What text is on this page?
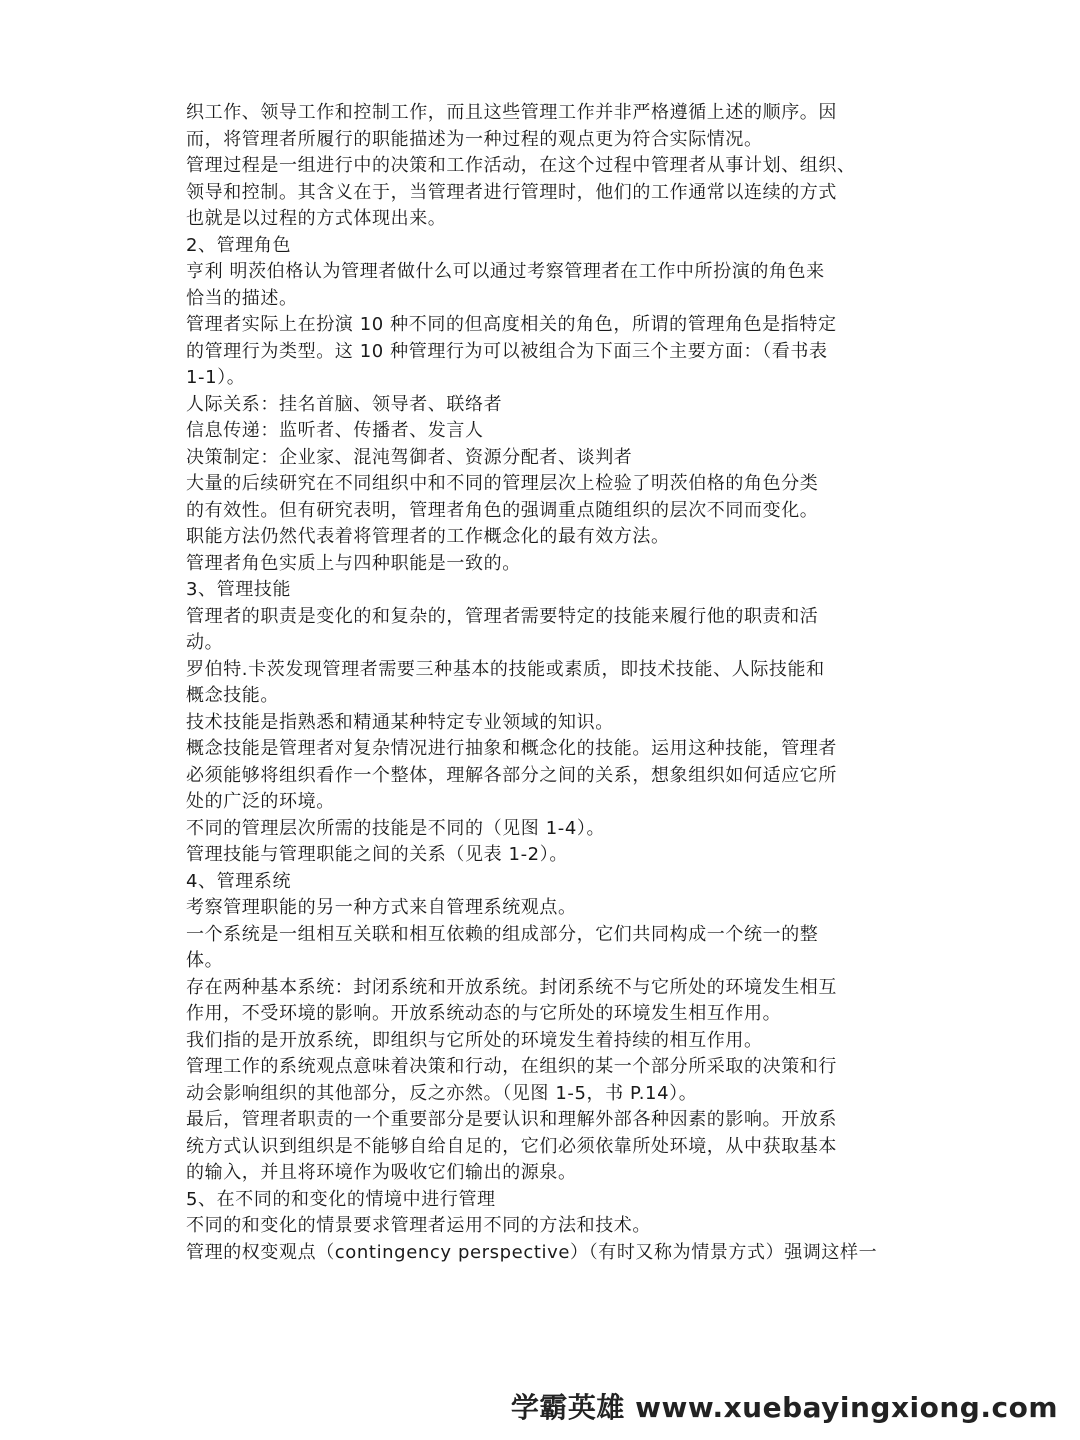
织工作、领导工作和控制工作，而且这些管理工作并非严格遵循上述的顺序。因
而，将管理者所履行的职能描述为一种过程的观点更为符合实际情况。
管理过程是一组进行中的决策和工作活动，在这个过程中管理者从事计划、组织、
领导和控制。其含义在于，当管理者进行管理时，他们的工作通常以连续的方式
也就是以过程的方式体现出来。
2、管理角色
亨利 明茨伯格认为管理者做什么可以通过考察管理者在工作中所扮演的角色来
恰当的描述。
管理者实际上在扮演 10 种不同的但高度相关的角色，所谓的管理角色是指特定
的管理行为类型。这 10 种管理行为可以被组合为下面三个主要方面：（看书表
1-1）。
人际关系：挂名首脑、领导者、联络者
信息传递：监听者、传播者、发言人
决策制定：企业家、混沌驾御者、资源分配者、谈判者
大量的后续研究在不同组织中和不同的管理层次上检验了明茨伯格的角色分类
的有效性。但有研究表明，管理者角色的强调重点随组织的层次不同而变化。
职能方法仍然代表着将管理者的工作概念化的最有效方法。
管理者角色实质上与四种职能是一致的。
3、管理技能
管理者的职责是变化的和复杂的，管理者需要特定的技能来履行他的职责和活
动。
罗伯特.卡茨发现管理者需要三种基本的技能或素质，即技术技能、人际技能和
概念技能。
技术技能是指熟悉和精通某种特定专业领域的知识。
概念技能是管理者对复杂情况进行抽象和概念化的技能。运用这种技能，管理者
必须能够将组织看作一个整体，理解各部分之间的关系，想象组织如何适应它所
处的广泛的环境。
不同的管理层次所需的技能是不同的（见图 1-4）。
管理技能与管理职能之间的关系（见表 1-2）。
4、管理系统
考察管理职能的另一种方式来自管理系统观点。
一个系统是一组相互关联和相互依赖的组成部分，它们共同构成一个统一的整
体。
存在两种基本系统：封闭系统和开放系统。封闭系统不与它所处的环境发生相互
作用，不受环境的影响。开放系统动态的与它所处的环境发生相互作用。
我们指的是开放系统，即组织与它所处的环境发生着持续的相互作用。
管理工作的系统观点意味着决策和行动，在组织的某一个部分所采取的决策和行
动会影响组织的其他部分，反之亦然。（见图 1-5，书 P.14）。
最后，管理者职责的一个重要部分是要认识和理解外部各种因素的影响。开放系
统方式认识到组织是不能够自给自足的，它们必须依靠所处环境，从中获取基本
的输入，并且将环境作为吸收它们输出的源泉。
5、在不同的和变化的情境中进行管理
不同的和变化的情景要求管理者运用不同的方法和技术。
管理的权变观点（contingency perspective）（有时又称为情景方式）强调这样一
学霸英雄 www.xuebayingxiong.com
